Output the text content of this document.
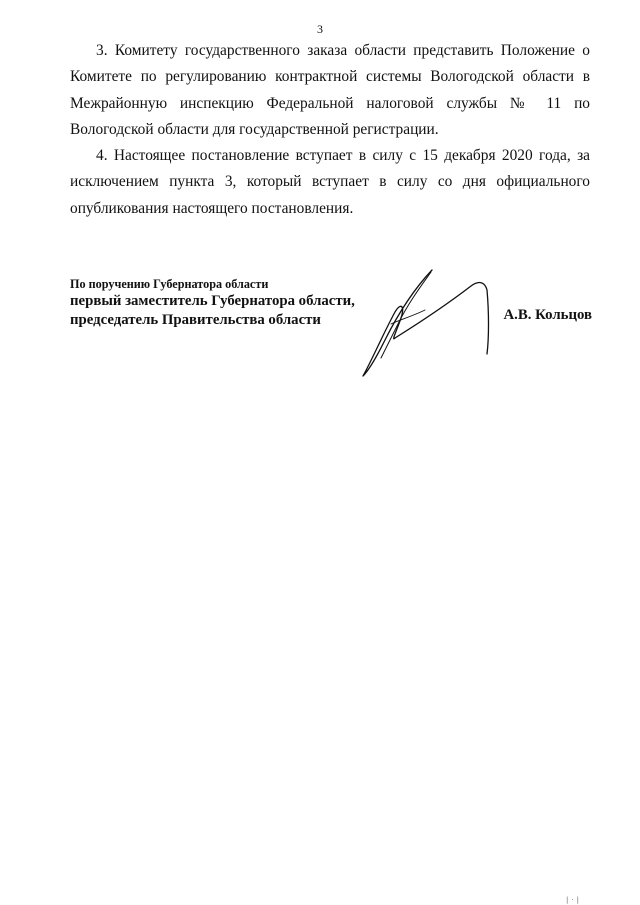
3

3. Комитету государственного заказа области представить Положение о Комитете по регулированию контрактной системы Вологодской области в Межрайонную инспекцию Федеральной налоговой службы № 11 по Вологодской области для государственной регистрации.

4. Настоящее постановление вступает в силу с 15 декабря 2020 года, за исключением пункта 3, который вступает в силу со дня официального опубликования настоящего постановления.

По поручению Губернатора области
первый заместитель Губернатора области,
председатель Правительства области	А.В. Кольцов
|·|
